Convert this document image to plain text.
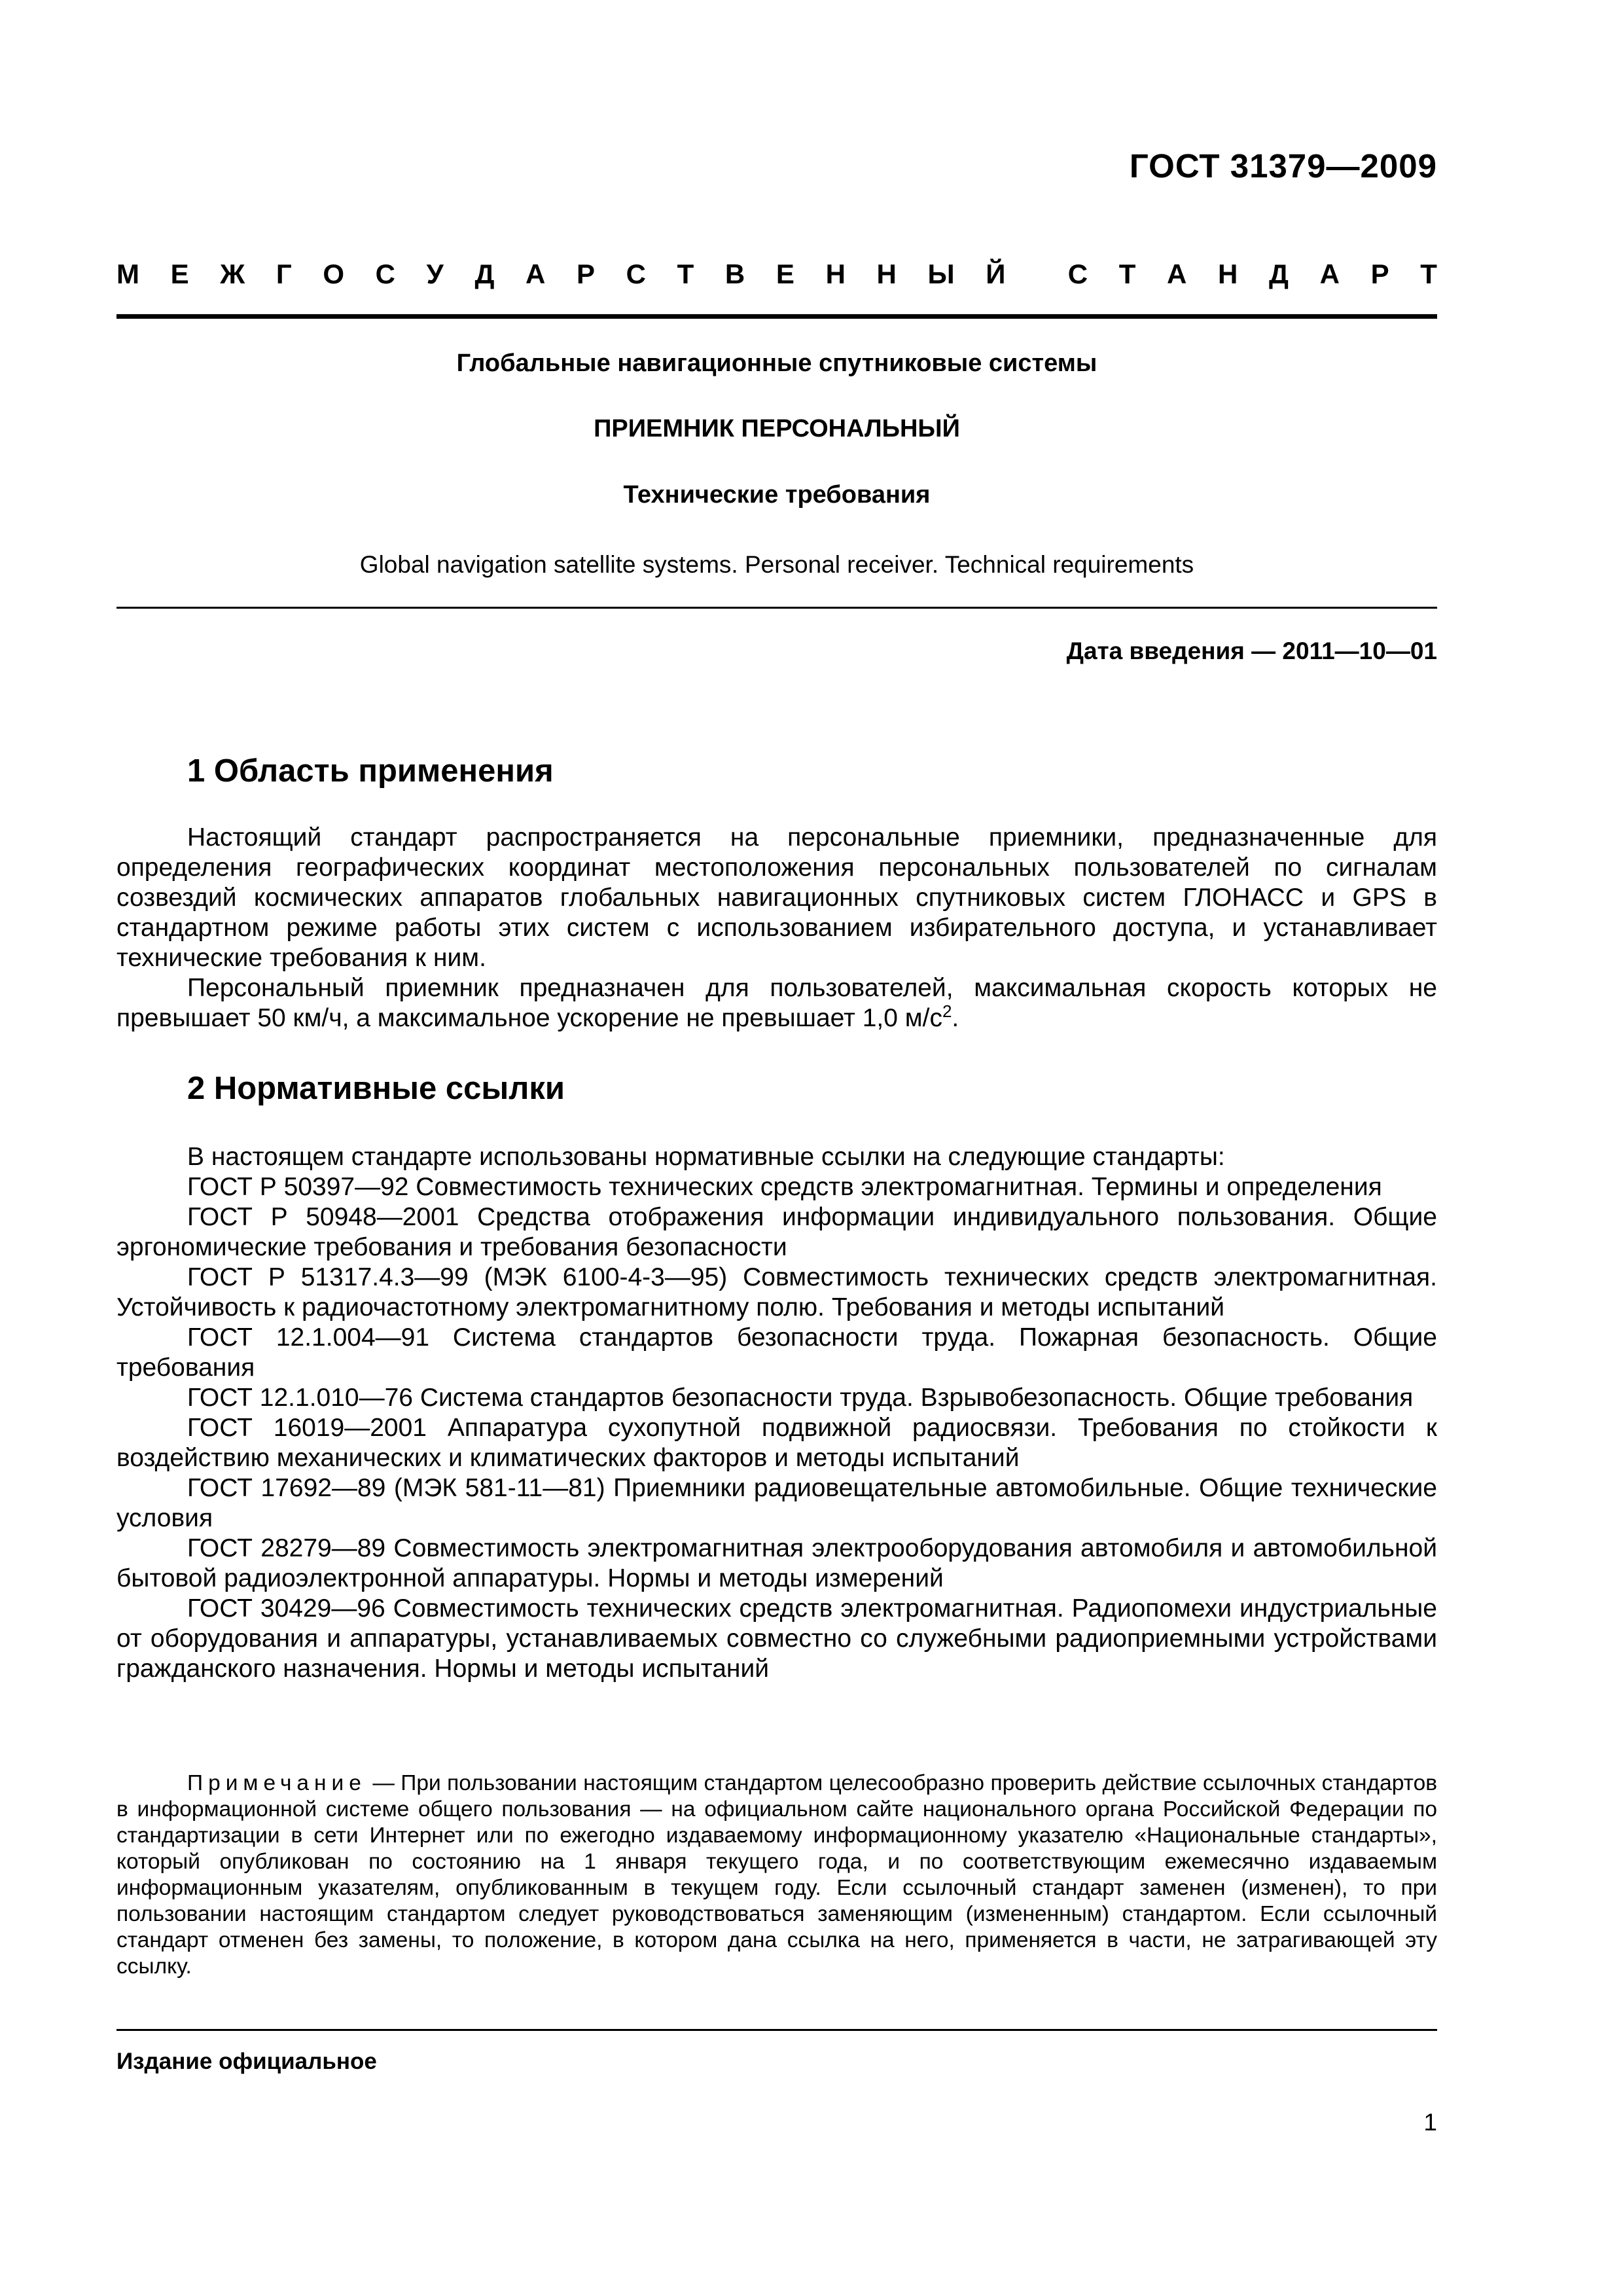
ГОСТ 31379—2009
М Е Ж Г О С У Д А Р С Т В Е Н Н Ы Й С Т А Н Д А Р Т
Глобальные навигационные спутниковые системы
ПРИЕМНИК ПЕРСОНАЛЬНЫЙ
Технические требования
Global navigation satellite systems. Personal receiver. Technical requirements
Дата введения — 2011—10—01
1 Область применения

Настоящий стандарт распространяется на персональные приемники, предназначенные для определения географических координат местоположения персональных пользователей по сигналам созвездий космических аппаратов глобальных навигационных спутниковых систем ГЛОНАСС и GPS в стандартном режиме работы этих систем с использованием избирательного доступа, и устанавливает технические требования к ним.

Персональный приемник предназначен для пользователей, максимальная скорость которых не превышает 50 км/ч, а максимальное ускорение не превышает 1,0 $м/с^2$.

2 Нормативные ссылки

В настоящем стандарте использованы нормативные ссылки на следующие стандарты:

ГОСТ Р 50397—92 Совместимость технических средств электромагнитная. Термины и определения

ГОСТ Р 50948—2001 Средства отображения информации индивидуального пользования. Общие эргономические требования и требования безопасности

ГОСТ Р 51317.4.3—99 (МЭК 6100-4-3—95) Совместимость технических средств электромагнитная. Устойчивость к радиочастотному электромагнитному полю. Требования и методы испытаний

ГОСТ 12.1.004—91 Система стандартов безопасности труда. Пожарная безопасность. Общие требования

ГОСТ 12.1.010—76 Система стандартов безопасности труда. Взрывобезопасность. Общие требования

ГОСТ 16019—2001 Аппаратура сухопутной подвижной радиосвязи. Требования по стойкости к воздействию механических и климатических факторов и методы испытаний

ГОСТ 17692—89 (МЭК 581-11—81) Приемники радиовещательные автомобильные. Общие технические условия

ГОСТ 28279—89 Совместимость электромагнитная электрооборудования автомобиля и автомобильной бытовой радиоэлектронной аппаратуры. Нормы и методы измерений

ГОСТ 30429—96 Совместимость технических средств электромагнитная. Радиопомехи индустриальные от оборудования и аппаратуры, устанавливаемых совместно со служебными радиоприемными устройствами гражданского назначения. Нормы и методы испытаний

Примечание — При пользовании настоящим стандартом целесообразно проверить действие ссылочных стандартов в информационной системе общего пользования — на официальном сайте национального органа Российской Федерации по стандартизации в сети Интернет или по ежегодно издаваемому информационному указателю «Национальные стандарты», который опубликован по состоянию на 1 января текущего года, и по соответствующим ежемесячно издаваемым информационным указателям, опубликованным в текущем году. Если ссылочный стандарт заменен (изменен), то при пользовании настоящим стандартом следует руководствоваться заменяющим (измененным) стандартом. Если ссылочный стандарт отменен без замены, то положение, в котором дана ссылка на него, применяется в части, не затрагивающей эту ссылку.

Издание официальное
1
